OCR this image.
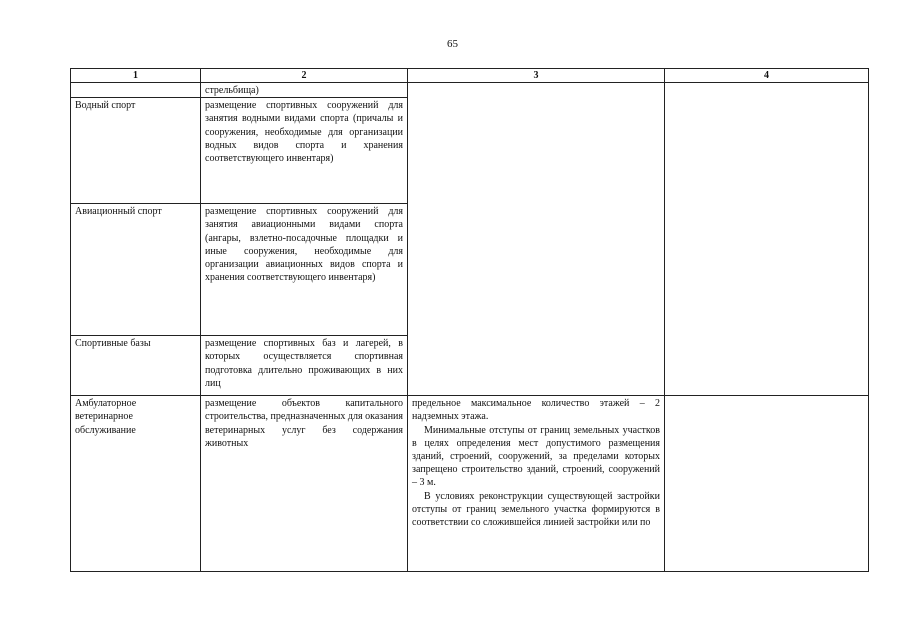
65
1	2	3	4
	стрельбища)		
Водный спорт	размещение спортивных сооружений для занятия водными видами спорта (причалы и сооружения, необходимые для организации водных видов спорта и хранения соответствующего инвентаря)		
Авиационный спорт	размещение спортивных сооружений для занятия авиационными видами спорта (ангары, взлетно-посадочные площадки и иные сооружения, необходимые для организации авиационных видов спорта и хранения соответствующего инвентаря)		
Спортивные базы	размещение спортивных баз и лагерей, в которых осуществляется спортивная подготовка длительно проживающих в них лиц		
Амбулаторное ветеринарное обслуживание	размещение объектов капитального строительства, предназначенных для оказания ветеринарных услуг без содержания животных	предельное максимальное количество этажей – 2 надземных этажа.

Минимальные отступы от границ земельных участков в целях определения мест допустимого размещения зданий, строений, сооружений, за пределами которых запрещено строительство зданий, строений, сооружений – 3 м.

В условиях реконструкции существующей застройки отступы от границ земельного участка формируются в соответствии со сложившейся линией застройки или по	
